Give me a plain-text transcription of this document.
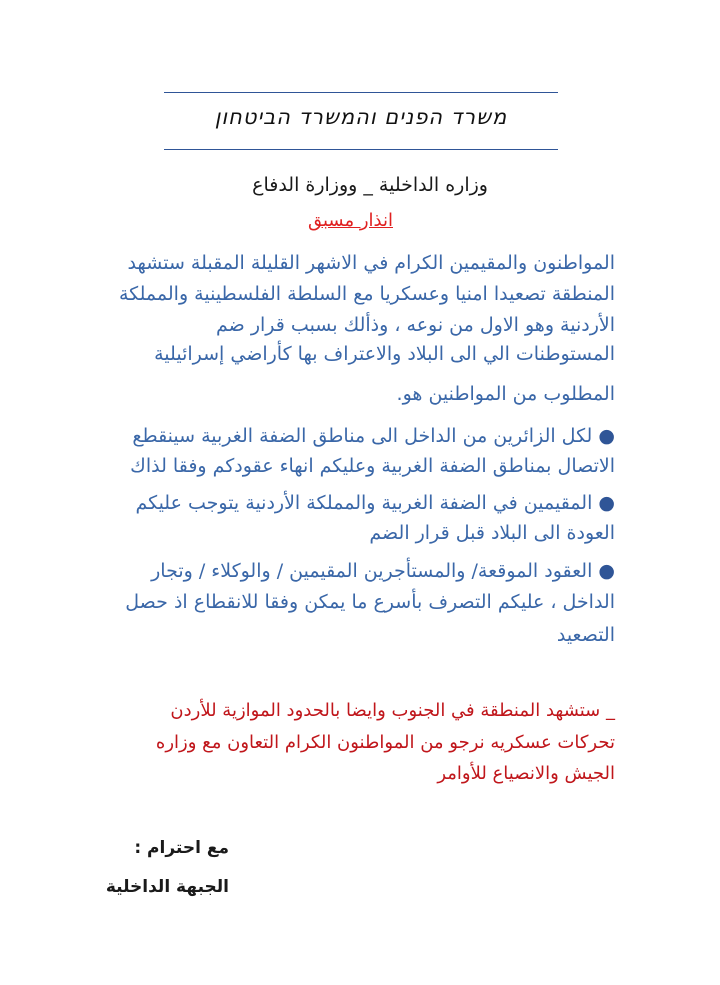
משרד הפנים והמשרד הביטחון
وزاره الداخلية _ ووزارة الدفاع
انذار مسبق
المواطنون والمقيمين الكرام في الاشهر القليلة المقبلة ستشهد
المنطقة تصعيدا امنيا وعسكريا مع السلطة الفلسطينية والمملكة
الأردنية وهو الاول من نوعه ، وذألك بسبب قرار ضم
المستوطنات الي الى البلاد والاعتراف بها كأراضي إسرائيلية
المطلوب من المواطنين هو.
● لكل الزائرين من الداخل الى مناطق الضفة الغربية سينقطع
الاتصال بمناطق الضفة الغربية وعليكم انهاء عقودكم وفقا لذاك
● المقيمين في الضفة الغربية والمملكة الأردنية يتوجب عليكم
العودة الى البلاد قبل قرار الضم
● العقود الموقعة/ والمستأجرين المقيمين / والوكلاء / وتجار
الداخل ، عليكم التصرف بأسرع ما يمكن وفقا للانقطاع اذ حصل
التصعيد
_ ستشهد المنطقة في الجنوب وايضا بالحدود الموازية للأردن
تحركات عسكريه نرجو من المواطنون الكرام التعاون مع وزاره
الجيش والانصياع للأوامر
مع احترام :
الجبهة الداخلية
